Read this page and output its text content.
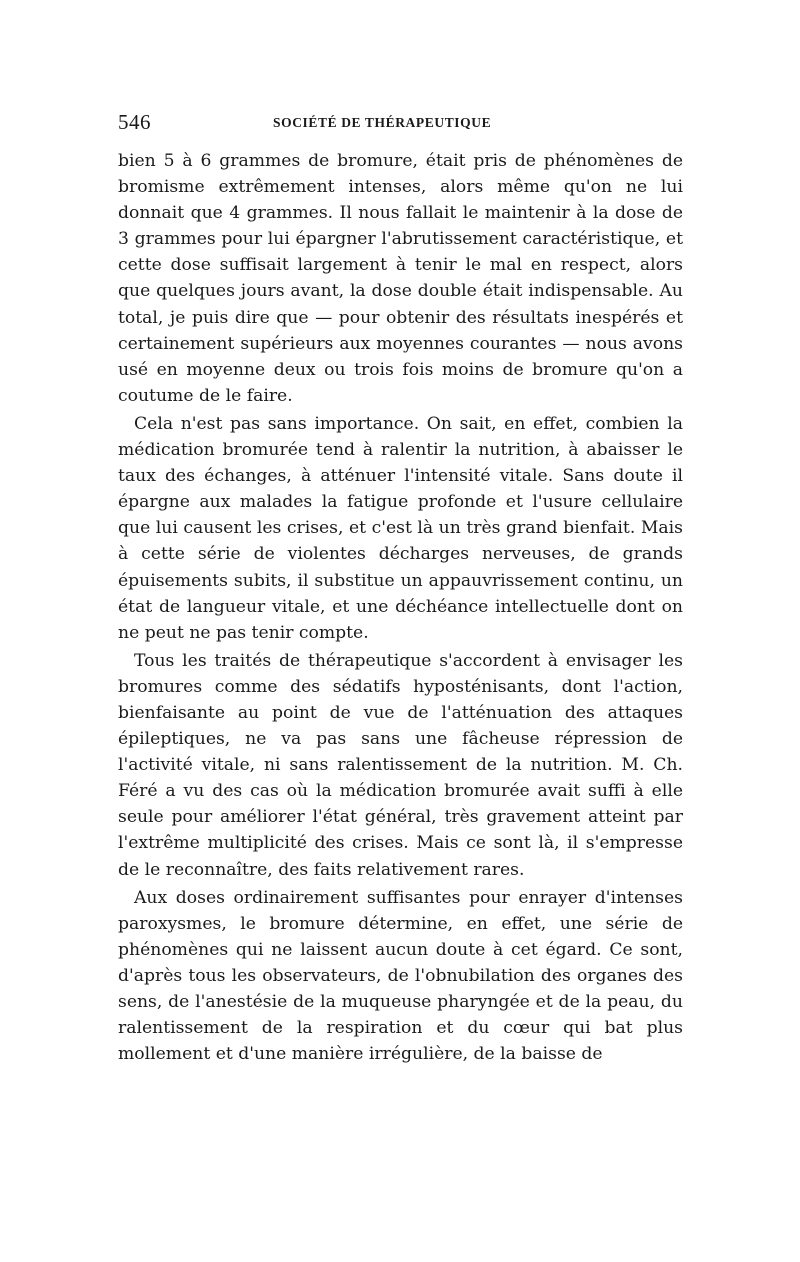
546	SOCIÉTÉ DE THÉRAPEUTIQUE

bien 5 à 6 grammes de bromure, était pris de phénomènes de bromisme extrêmement intenses, alors même qu'on ne lui donnait que 4 grammes. Il nous fallait le maintenir à la dose de 3 grammes pour lui épargner l'abrutissement caractéristique, et cette dose suffisait largement à tenir le mal en respect, alors que quelques jours avant, la dose double était indispensable. Au total, je puis dire que — pour obtenir des résultats inespérés et certainement supérieurs aux moyennes courantes — nous avons usé en moyenne deux ou trois fois moins de bromure qu'on a coutume de le faire.

Cela n'est pas sans importance. On sait, en effet, combien la médication bromurée tend à ralentir la nutrition, à abaisser le taux des échanges, à atténuer l'intensité vitale. Sans doute il épargne aux malades la fatigue profonde et l'usure cellulaire que lui causent les crises, et c'est là un très grand bienfait. Mais à cette série de violentes décharges nerveuses, de grands épuisements subits, il substitue un appauvrissement continu, un état de langueur vitale, et une déchéance intellectuelle dont on ne peut ne pas tenir compte.

Tous les traités de thérapeutique s'accordent à envisager les bromures comme des sédatifs hyposténisants, dont l'action, bienfaisante au point de vue de l'atténuation des attaques épileptiques, ne va pas sans une fâcheuse répression de l'activité vitale, ni sans ralentissement de la nutrition. M. Ch. Féré a vu des cas où la médication bromurée avait suffi à elle seule pour améliorer l'état général, très gravement atteint par l'extrême multiplicité des crises. Mais ce sont là, il s'empresse de le reconnaître, des faits relativement rares.

Aux doses ordinairement suffisantes pour enrayer d'intenses paroxysmes, le bromure détermine, en effet, une série de phénomènes qui ne laissent aucun doute à cet égard. Ce sont, d'après tous les observateurs, de l'obnubilation des organes des sens, de l'anestésie de la muqueuse pharyngée et de la peau, du ralentissement de la respiration et du cœur qui bat plus mollement et d'une manière irrégulière, de la baisse de
